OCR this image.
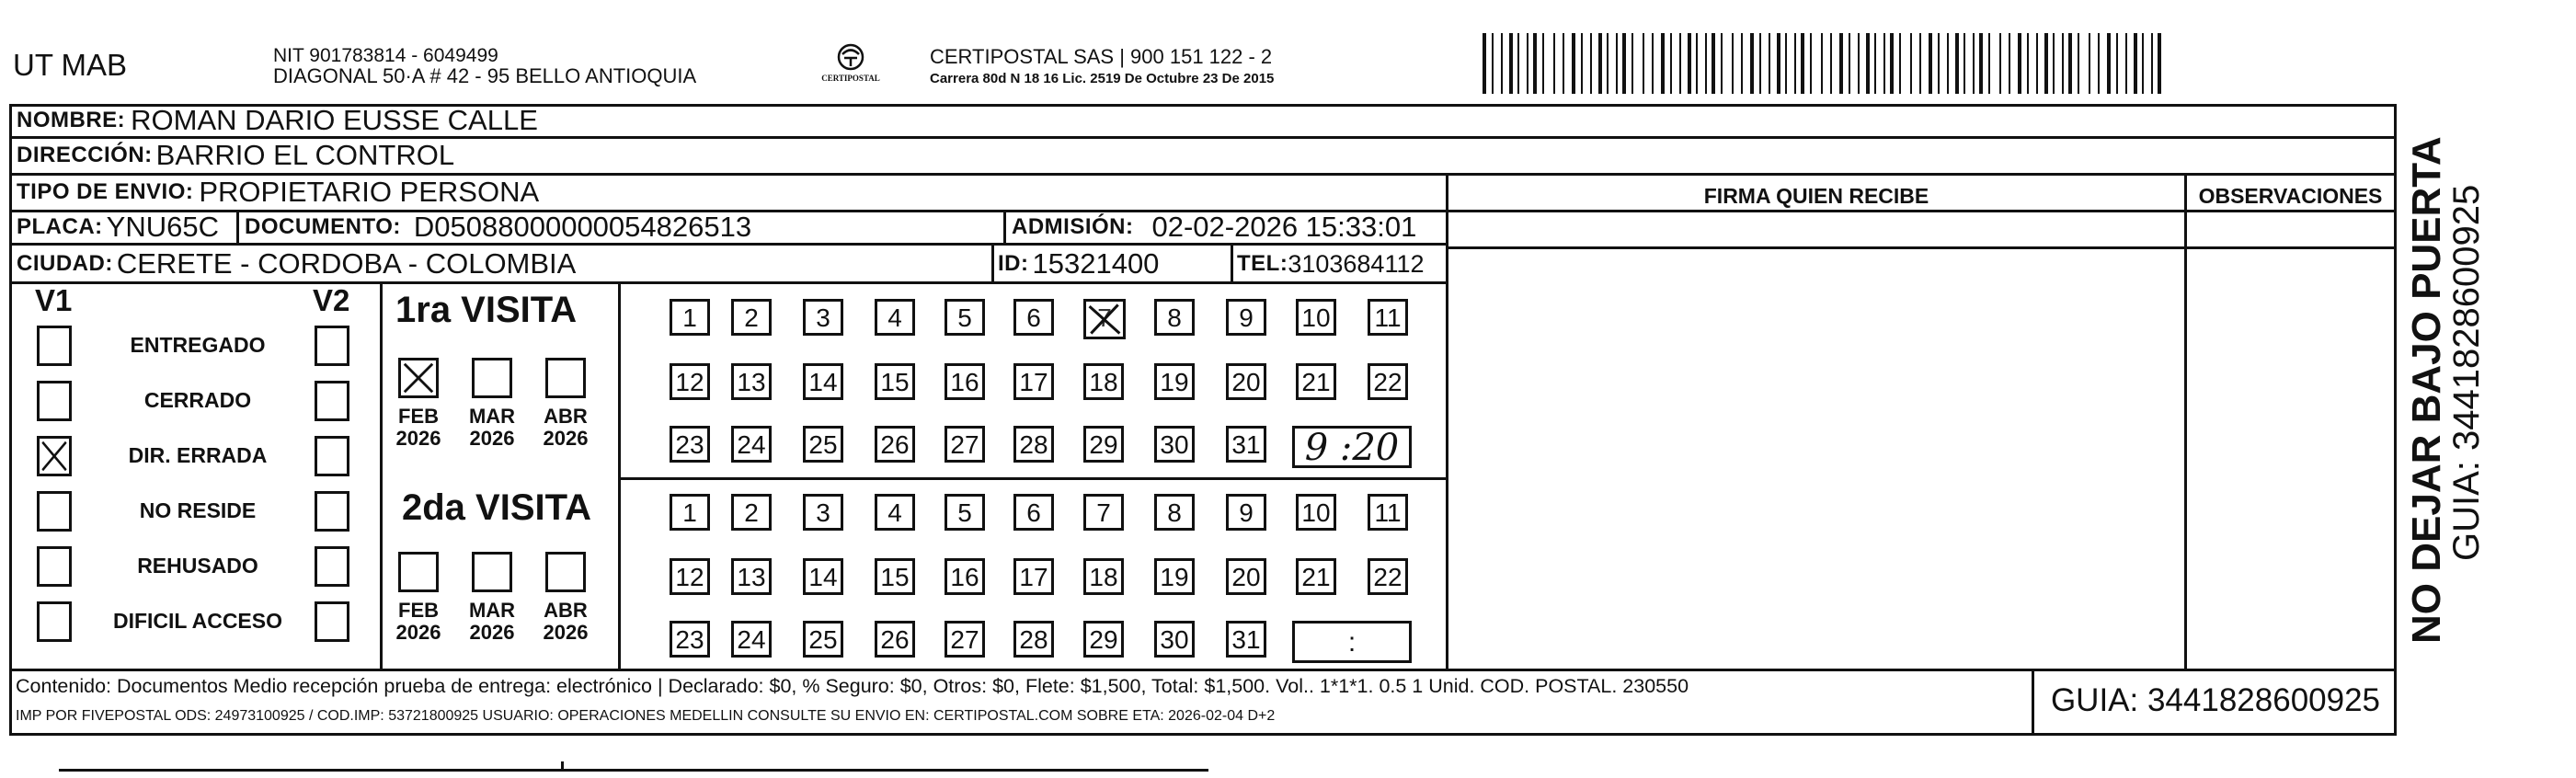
UT MAB	NIT 901783814 - 6049499
DIAGONAL 50·A # 42 - 95 BELLO ANTIOQUIA	CERTIPOSTAL
CERTIPOSTAL SAS | 900 151 122 - 2
Carrera 80d N 18 16 Lic. 2519 De Octubre 23 De 2015
NOMBRE: ROMAN DARIO EUSSE CALLE
DIRECCIÓN: BARRIO EL CONTROL
TIPO DE ENVIO: PROPIETARIO PERSONA	FIRMA QUIEN RECIBE	OBSERVACIONES
PLACA: YNU65C DOCUMENTO: D05088000000054826513	ADMISIÓN: 02-02-2026 15:33:01
CIUDAD: CERETE - CORDOBA - COLOMBIA	ID: 15321400	TEL: 3103684112
V1	V2
ENTREGADO
CERRADO
DIR. ERRADA
NO RESIDE
REHUSADO
DIFICIL ACCESO
1ra VISITA
FEB
2026
MAR
2026
ABR
2026
1	2	3	4	5	6	7	8	9	10 11
12 13 14 15 16 17 18 19 20 21 22
23 24 25 26 27 28 29 30 31	9 :20
2da VISITA
FEB
2026
MAR
2026
ABR
2026
1	2	3	4	5	6	7	8	9	10 11
12 13 14 15 16 17 18 19 20 21 22
23 24 25 26 27 28 29 30 31	:
Contenido: Documentos Medio recepción prueba de entrega: electrónico | Declarado: $0, % Seguro: $0, Otros: $0, Flete: $1,500, Total: $1,500. Vol.. 1*1*1. 0.5 1 Unid. COD. POSTAL. 230550
IMP POR FIVEPOSTAL ODS: 24973100925 / COD.IMP: 53721800925 USUARIO: OPERACIONES MEDELLIN CONSULTE SU ENVIO EN: CERTIPOSTAL.COM SOBRE ETA: 2026-02-04 D+2	GUIA: 3441828600925
NO DEJAR BAJO PUERTA
GUIA: 3441828600925
